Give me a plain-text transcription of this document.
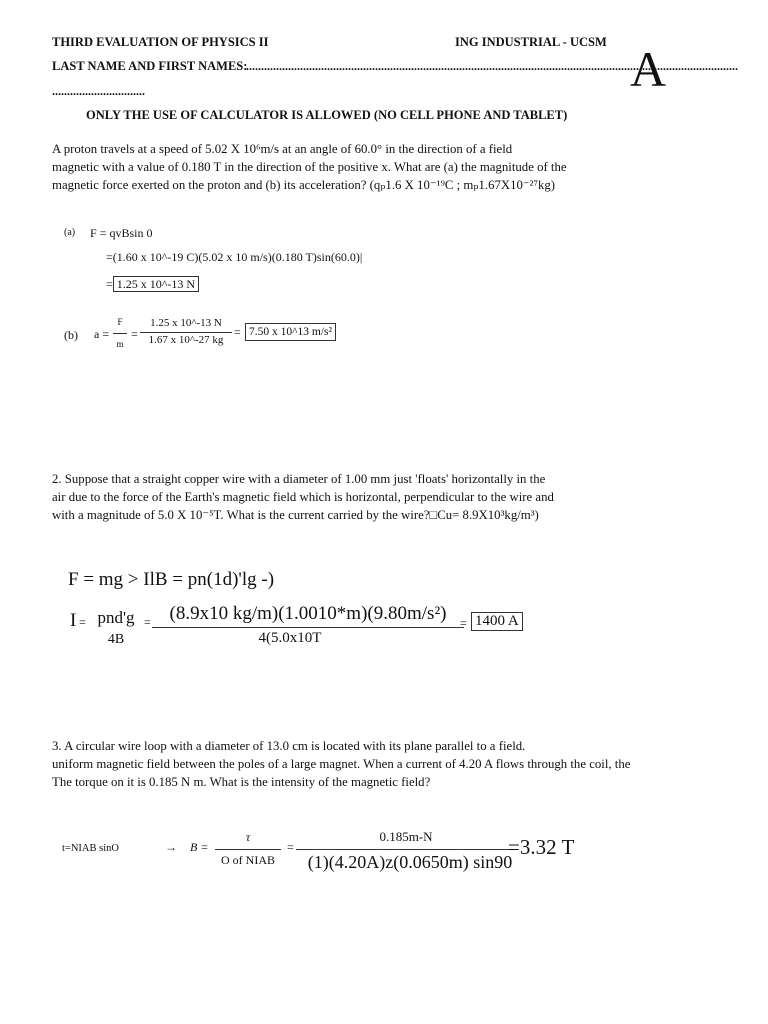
THIRD EVALUATION OF PHYSICS II	ING INDUSTRIAL - UCSM
LAST NAME AND FIRST NAMES:
....................................................................................................................................................................
...............................	A
ONLY THE USE OF CALCULATOR IS ALLOWED (NO CELL PHONE AND TABLET)
A proton travels at a speed of 5.02 X 10⁶m/s at an angle of 60.0° in the direction of a field
magnetic with a value of 0.180 T in the direction of the positive x. What are (a) the magnitude of the
magnetic force exerted on the proton and (b) its acceleration? (qₚ1.6 X 10⁻¹⁹C ; mₚ1.67X10⁻²⁷kg)
(a) F = qvBsin 0
=(1.60 x 10^-19 C)(5.02 x 10 m/s)(0.180 T)sin(60.0)|
= 1.25 x 10^-13 N
(b) a =
F
m
=
1.25 x 10^-13 N
1.67 x 10^-27 kg
= 7.50 x 10^13 m/s²
2. Suppose that a straight copper wire with a diameter of 1.00 mm just 'floats' horizontally in the
air due to the force of the Earth's magnetic field which is horizontal, perpendicular to the wire and
with a magnitude of 5.0 X 10⁻⁵T. What is the current carried by the wire?□Cu= 8.9X10³kg/m³)
F = mg > IlB = pn(1d)'lg -)
I = pnd'g
4B
= (8.9x10 kg/m)(1.0010*m)(9.80m/s²)
4(5.0x10T
= 1400 A
3. A circular wire loop with a diameter of 13.0 cm is located with its plane parallel to a field.
uniform magnetic field between the poles of a large magnet. When a current of 4.20 A flows through the coil, the
The torque on it is 0.185 N m. What is the intensity of the magnetic field?
t=NIAB sinO	→ B =
τ
O of NIAB
=
0.185m-N
(1)(4.20A)z(0.0650m) sin90
=3.32 T
